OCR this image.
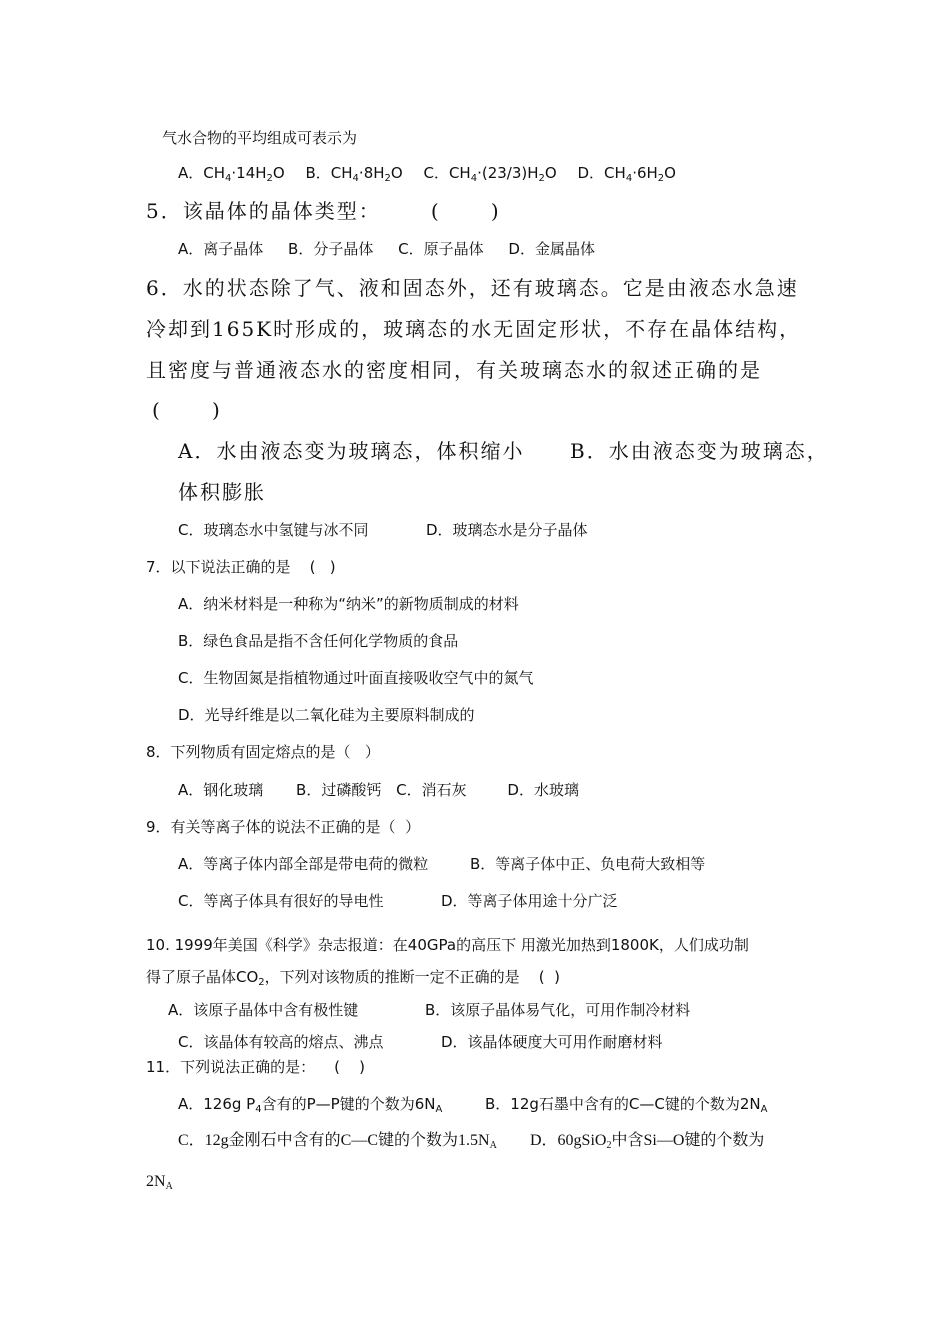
气水合物的平均组成可表示为
A．$CH_4\cdot 14H_2O$ B．$CH_4\cdot 8H_2O$ C．$CH_4\cdot(23/3)H_2O$ D．$CH_4\cdot 6H_2O$
5．该晶体的晶体类型：      (      )
A．离子晶体 B．分子晶体 C．原子晶体 D．金属晶体
6．水的状态除了气、液和固态外，还有玻璃态。它是由液态水急速
冷却到165K时形成的，玻璃态的水无固定形状，不存在晶体结构，
且密度与普通液态水的密度相同，有关玻璃态水的叙述正确的是
(      )
A．水由液态变为玻璃态，体积缩小 B．水由液态变为玻璃态，
体积膨胀
C．玻璃态水中氢键与冰不同	D．玻璃态水是分子晶体
7．以下说法正确的是    (   )
A．纳米材料是一种称为“纳米”的新物质制成的材料
B．绿色食品是指不含任何化学物质的食品
C．生物固氮是指植物通过叶面直接吸收空气中的氮气
D．光导纤维是以二氧化硅为主要原料制成的
8．下列物质有固定熔点的是（   ）
A．钢化玻璃 B．过磷酸钙 C．消石灰	D．水玻璃
9．有关等离子体的说法不正确的是（  ）
A．等离子体内部全部是带电荷的微粒	B．等离子体中正、负电荷大致相等
C．等离子体具有很好的导电性	D．等离子体用途十分广泛
10. 1999年美国《科学》杂志报道：在40GPa的高压下 用激光加热到1800K，人们成功制
得了原子晶体$CO_2$，下列对该物质的推断一定不正确的是    (  )
A．该原子晶体中含有极性键	B．该原子晶体易气化，可用作制冷材料
C．该晶体有较高的熔点、沸点	D．该晶体硬度大可用作耐磨材料
11．下列说法正确的是：    (    )
A．126g $P_4$含有的P—P键的个数为$6N_A$	B．12g石墨中含有的C—C键的个数为$2N_A$
C．12g金刚石中含有的C—C键的个数为$1.5N_A$ D．60gSiO$_2$中含Si—O键的个数为
$2N_A$
